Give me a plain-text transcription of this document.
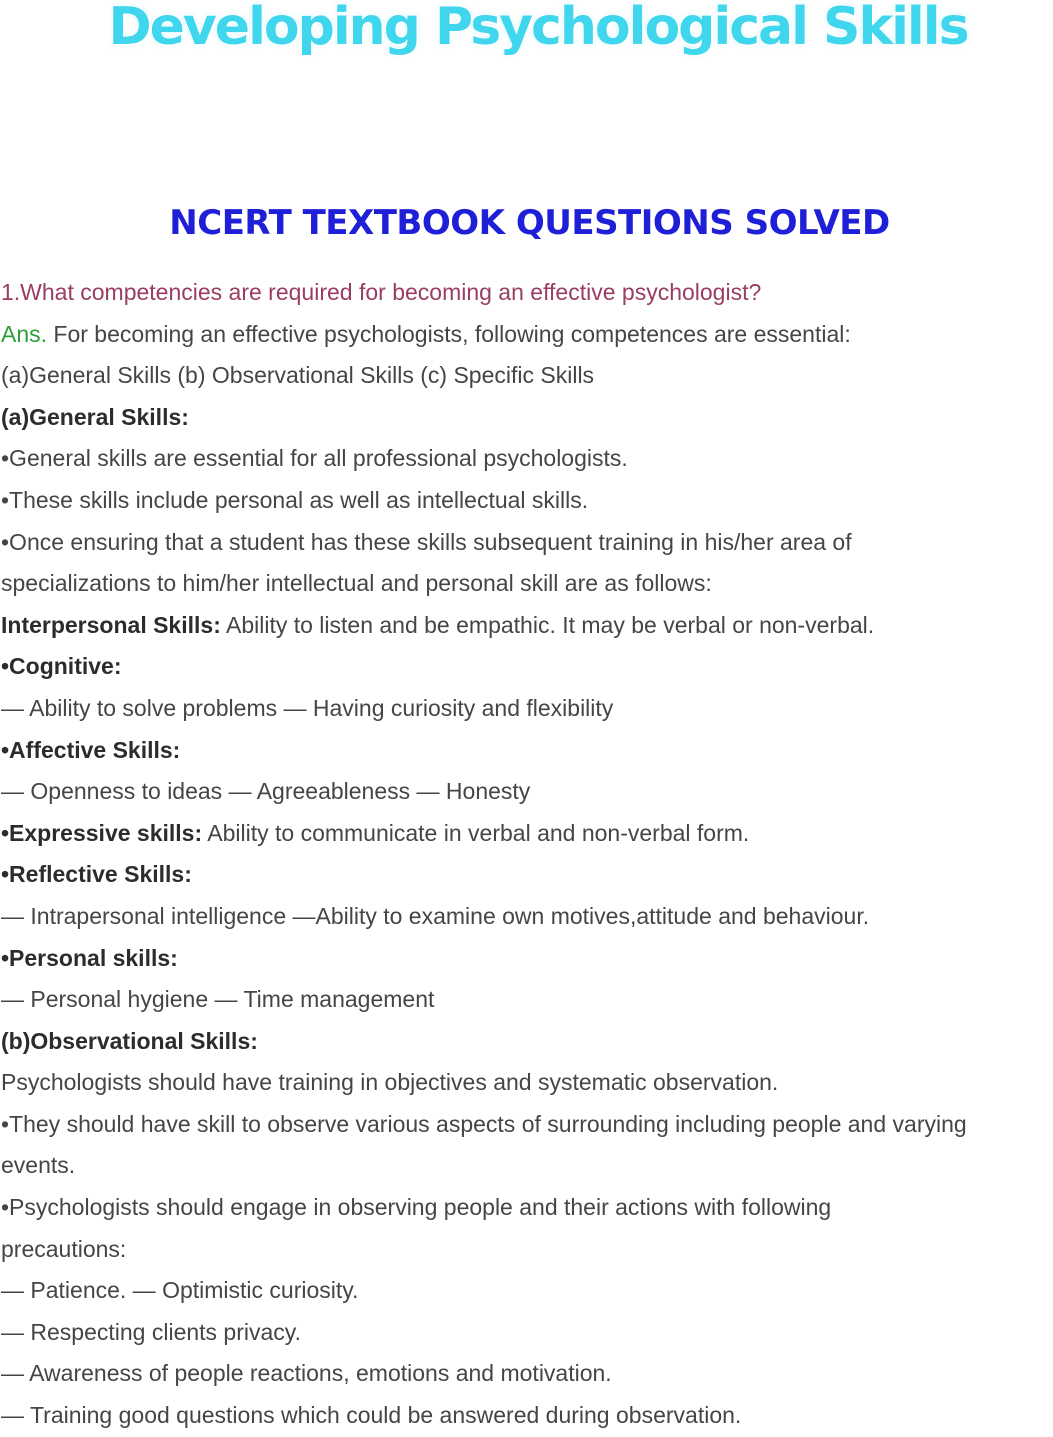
Developing Psychological Skills
NCERT TEXTBOOK QUESTIONS SOLVED
1.What competencies are required for becoming an effective psychologist?
Ans. For becoming an effective psychologists, following competences are essential:
(a)General Skills (b) Observational Skills (c) Specific Skills
(a)General Skills:
•General skills are essential for all professional psychologists.
•These skills include personal as well as intellectual skills.
•Once ensuring that a student has these skills subsequent training in his/her area of
specializations to him/her intellectual and personal skill are as follows:
Interpersonal Skills: Ability to listen and be empathic. It may be verbal or non-verbal.
•Cognitive:
— Ability to solve problems — Having curiosity and flexibility
•Affective Skills:
— Openness to ideas — Agreeableness — Honesty
•Expressive skills: Ability to communicate in verbal and non-verbal form.
•Reflective Skills:
— Intrapersonal intelligence —Ability to examine own motives,attitude and behaviour.
•Personal skills:
— Personal hygiene — Time management
(b)Observational Skills:
Psychologists should have training in objectives and systematic observation.
•They should have skill to observe various aspects of surrounding including people and varying
events.
•Psychologists should engage in observing people and their actions with following
precautions:
— Patience. — Optimistic curiosity.
— Respecting clients privacy.
— Awareness of people reactions, emotions and motivation.
— Training good questions which could be answered during observation.
